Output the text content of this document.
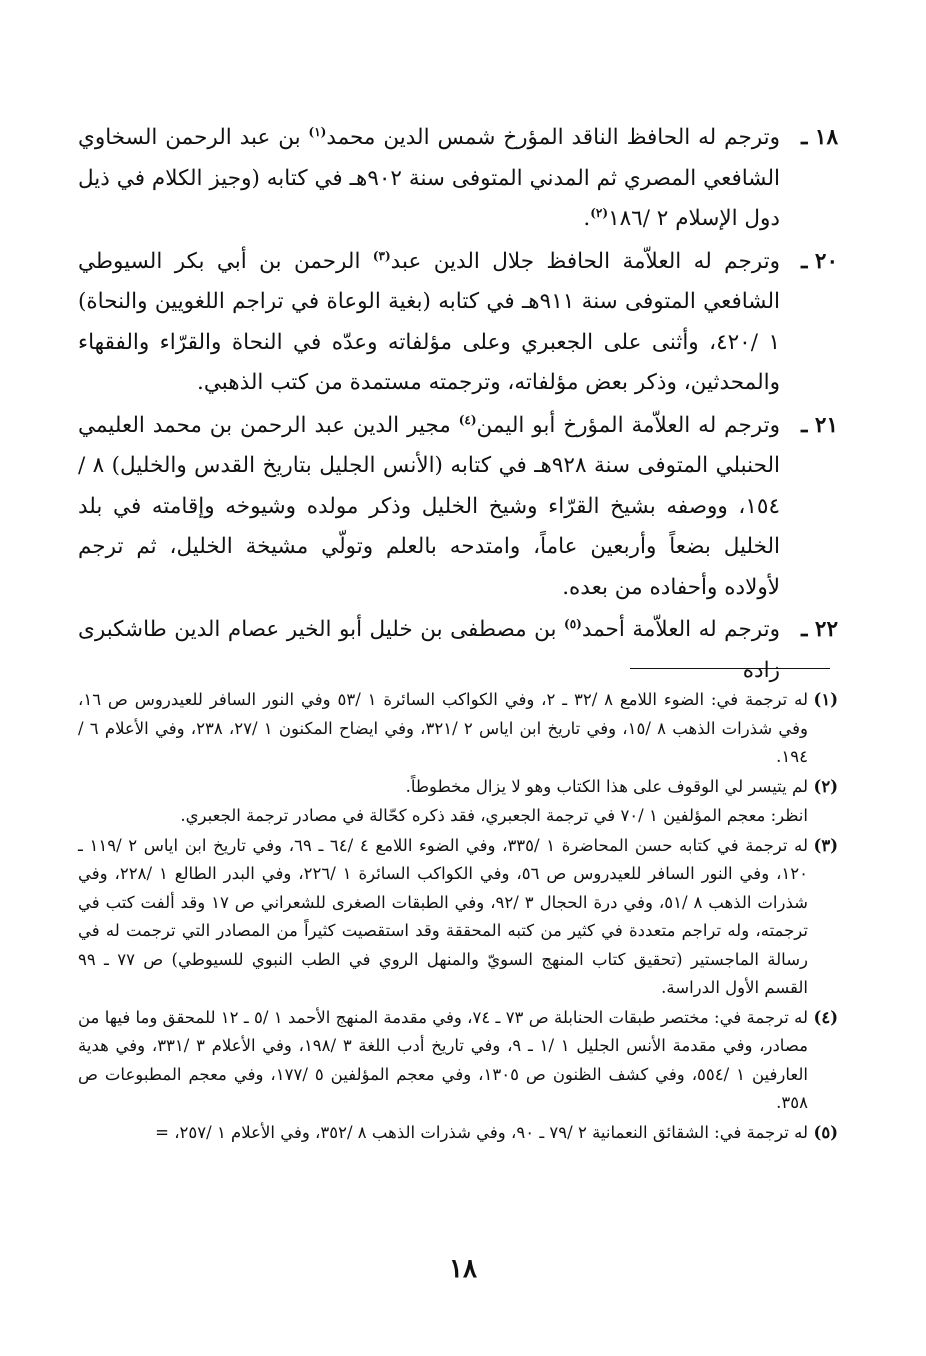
١٨ ـوترجم له الحافظ الناقد المؤرخ شمس الدين محمد$^{(١)}$ بن عبد الرحمن السخاوي الشافعي المصري ثم المدني المتوفى سنة ٩٠٢هـ في كتابه (وجيز الكلام في ذيل دول الإسلام ٢ /١٨٦$^{(٢)}$.

٢٠ ـوترجم له العلاّمة الحافظ جلال الدين عبد$^{(٣)}$ الرحمن بن أبي بكر السيوطي الشافعي المتوفى سنة ٩١١هـ في كتابه (بغية الوعاة في تراجم اللغويين والنحاة) ١ /٤٢٠، وأثنى على الجعبري وعلى مؤلفاته وعدّه في النحاة والقرّاء والفقهاء والمحدثين، وذكر بعض مؤلفاته، وترجمته مستمدة من كتب الذهبي.

٢١ ـوترجم له العلاّمة المؤرخ أبو اليمن$^{(٤)}$ مجير الدين عبد الرحمن بن محمد العليمي الحنبلي المتوفى سنة ٩٢٨هـ في كتابه (الأنس الجليل بتاريخ القدس والخليل) ٨ /١٥٤، ووصفه بشيخ القرّاء وشيخ الخليل وذكر مولده وشيوخه وإقامته في بلد الخليل بضعاً وأربعين عاماً، وامتدحه بالعلم وتولّي مشيخة الخليل، ثم ترجم لأولاده وأحفاده من بعده.

٢٢ ـوترجم له العلاّمة أحمد$^{(٥)}$ بن مصطفى بن خليل أبو الخير عصام الدين طاشكبرى زاده

(١)له ترجمة في: الضوء اللامع ٨ /٣٢ ـ ٢، وفي الكواكب السائرة ١ /٥٣ وفي النور السافر للعيدروس ص ١٦، وفي شذرات الذهب ٨ /١٥، وفي تاريخ ابن اياس ٢ /٣٢١، وفي ايضاح المكنون ١ /٢٧، ٢٣٨، وفي الأعلام ٦ /١٩٤.

(٢)لم يتيسر لي الوقوف على هذا الكتاب وهو لا يزال مخطوطاً.

انظر: معجم المؤلفين ١ /٧٠ في ترجمة الجعبري، فقد ذكره كحّالة في مصادر ترجمة الجعبري.

(٣)له ترجمة في كتابه حسن المحاضرة ١ /٣٣٥، وفي الضوء اللامع ٤ /٦٤ ـ ٦٩، وفي تاريخ ابن اياس ٢ /١١٩ ـ ١٢٠، وفي النور السافر للعيدروس ص ٥٦، وفي الكواكب السائرة ١ /٢٢٦، وفي البدر الطالع ١ /٢٢٨، وفي شذرات الذهب ٨ /٥١، وفي درة الحجال ٣ /٩٢، وفي الطبقات الصغرى للشعراني ص ١٧ وقد ألفت كتب في ترجمته، وله تراجم متعددة في كثير من كتبه المحققة وقد استقصيت كثيراً من المصادر التي ترجمت له في رسالة الماجستير (تحقيق كتاب المنهج السويّ والمنهل الروي في الطب النبوي للسيوطي) ص ٧٧ ـ ٩٩ القسم الأول الدراسة.

(٤)له ترجمة في: مختصر طبقات الحنابلة ص ٧٣ ـ ٧٤، وفي مقدمة المنهج الأحمد ١ /٥ ـ ١٢ للمحقق وما فيها من مصادر، وفي مقدمة الأنس الجليل ١ /١ ـ ٩، وفي تاريخ أدب اللغة ٣ /١٩٨، وفي الأعلام ٣ /٣٣١، وفي هدية العارفين ١ /٥٥٤، وفي كشف الظنون ص ١٣٠٥، وفي معجم المؤلفين ٥ /١٧٧، وفي معجم المطبوعات ص ٣٥٨.

(٥)له ترجمة في: الشقائق النعمانية ٢ /٧٩ ـ ٩٠، وفي شذرات الذهب ٨ /٣٥٢، وفي الأعلام ١ /٢٥٧، =

١٨
